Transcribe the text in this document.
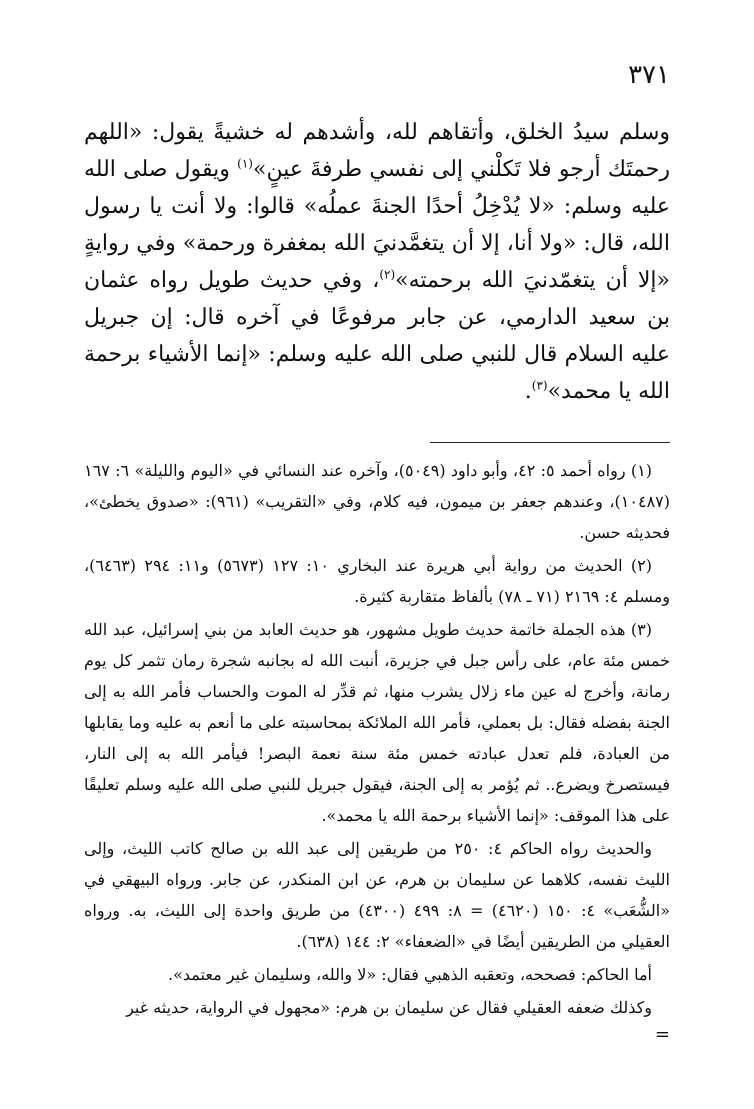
٣٧١

وسلم سيدُ الخلق، وأتقاهم لله، وأشدهم له خشيةً يقول: «اللهم رحمتَك أرجو فلا تَكلْني إلى نفسي طرفةَ عينٍ»$^{(١)}$ ويقول صلى الله عليه وسلم: «لا يُدْخِلُ أحدًا الجنةَ عملُه» قالوا: ولا أنت يا رسول الله، قال: «ولا أنا، إلا أن يتغمَّدنيَ الله بمغفرة ورحمة» وفي روايةٍ «إلا أن يتغمّدنيَ الله برحمته»$^{(٢)}$، وفي حديث طويل رواه عثمان بن سعيد الدارمي، عن جابر مرفوعًا في آخره قال: إن جبريل عليه السلام قال للنبي صلى الله عليه وسلم: «إنما الأشياء برحمة الله يا محمد»$^{(٣)}$.

(١) رواه أحمد ٥: ٤٢، وأبو داود (٥٠٤٩)، وآخره عند النسائي في «اليوم والليلة» ٦: ١٦٧ (١٠٤٨٧)، وعندهم جعفر بن ميمون، فيه كلام، وفي «التقريب» (٩٦١): «صدوق يخطئ»، فحديثه حسن.

(٢) الحديث من رواية أبي هريرة عند البخاري ١٠: ١٢٧ (٥٦٧٣) و١١: ٢٩٤ (٦٤٦٣)، ومسلم ٤: ٢١٦٩ (٧١ ـ ٧٨) بألفاظ متقاربة كثيرة.

(٣) هذه الجملة خاتمة حديث طويل مشهور، هو حديث العابد من بني إسرائيل، عبد الله خمس مئة عام، على رأس جبل في جزيرة، أنبت الله له بجانبه شجرة رمان تثمر كل يوم رمانة، وأخرج له عين ماء زلال يشرب منها، ثم قدِّر له الموت والحساب فأمر الله به إلى الجنة بفضله فقال: بل بعملي، فأمر الله الملائكة بمحاسبته على ما أنعم به عليه وما يقابلها من العبادة، فلم تعدل عبادته خمس مئة سنة نعمة البصر! فيأمر الله به إلى النار، فيستصرخ ويضرع.. ثم يُؤمر به إلى الجنة، فيقول جبريل للنبي صلى الله عليه وسلم تعليقًا على هذا الموقف: «إنما الأشياء برحمة الله يا محمد».

والحديث رواه الحاكم ٤: ٢٥٠ من طريقين إلى عبد الله بن صالح كاتب الليث، وإلى الليث نفسه، كلاهما عن سليمان بن هرم، عن ابن المنكدر، عن جابر. ورواه البيهقي في «الشُّعَب» ٤: ١٥٠ (٤٦٢٠) = ٨: ٤٩٩ (٤٣٠٠) من طريق واحدة إلى الليث، به. ورواه العقيلي من الطريقين أيضًا في «الضعفاء» ٢: ١٤٤ (٦٣٨).

أما الحاكم: فصححه، وتعقبه الذهبي فقال: «لا والله، وسليمان غير معتمد».

وكذلك ضعفه العقيلي فقال عن سليمان بن هرم: «مجهول في الرواية، حديثه غير

=
